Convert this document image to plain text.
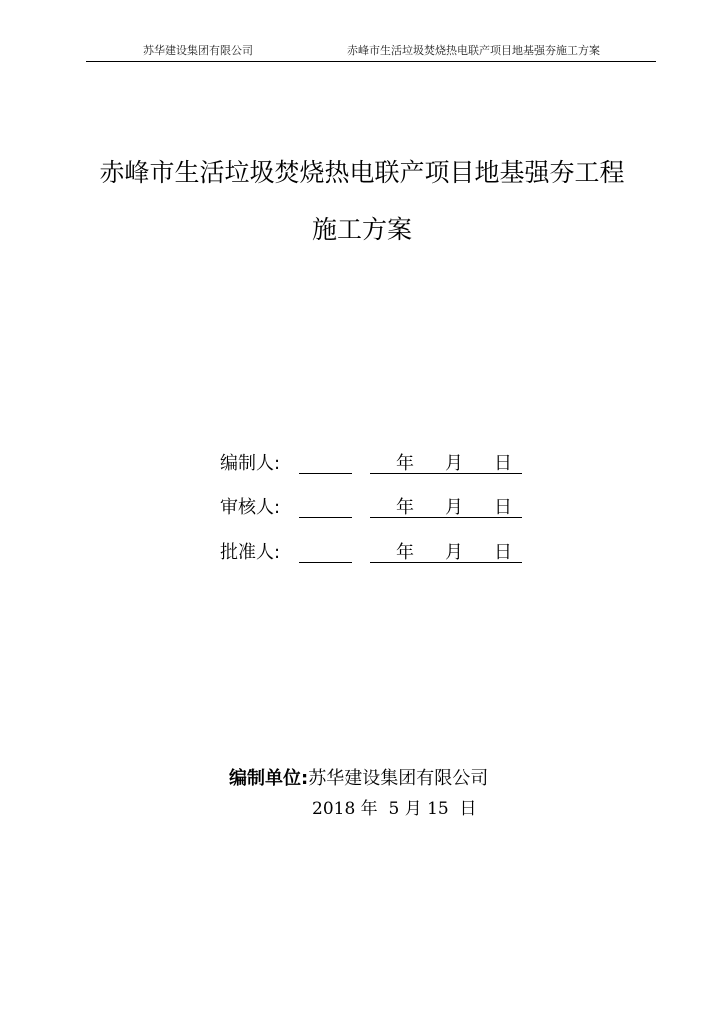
苏华建设集团有限公司	赤峰市生活垃圾焚烧热电联产项目地基强夯施工方案
赤峰市生活垃圾焚烧热电联产项目地基强夯工程
施工方案
编制人:	年 月 日
审核人:	年 月 日
批准人:	年 月 日
编制单位:苏华建设集团有限公司
2018 年  5 月 15  日
